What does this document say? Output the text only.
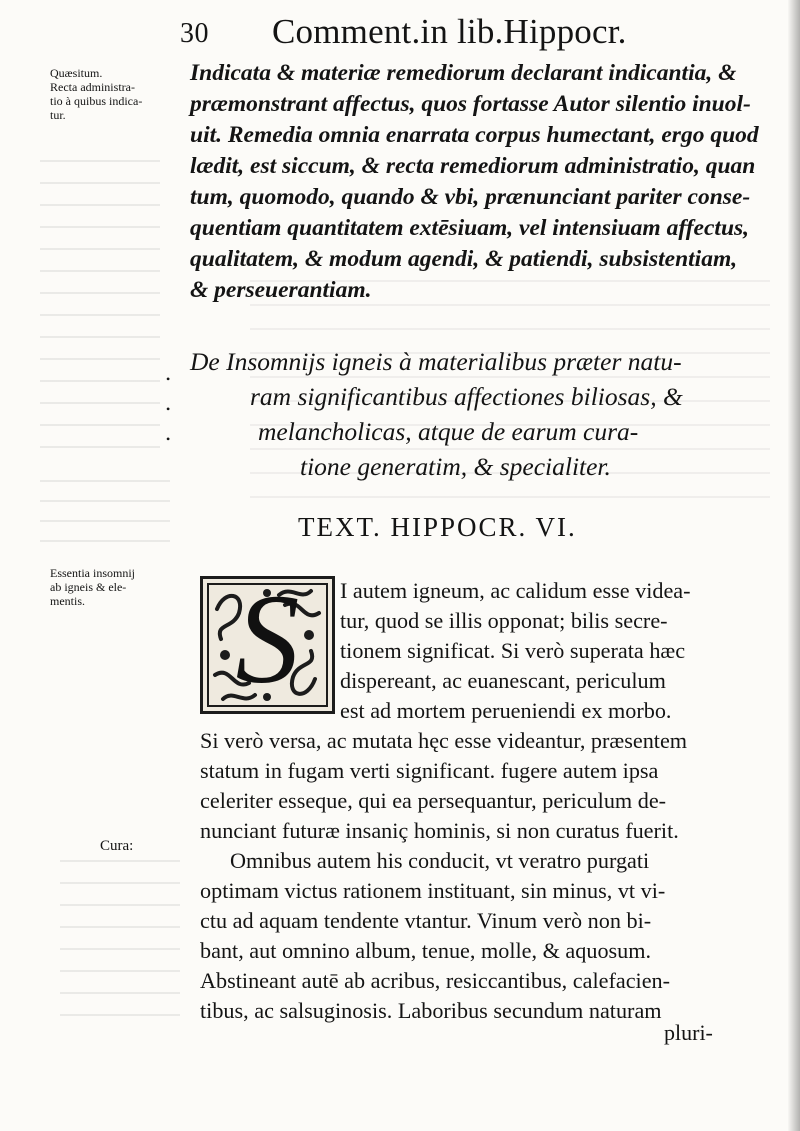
30 Comment.in lib.Hippocr.
Quæsitum.
Recta administra-
tio à quibus indica-
tur.
Essentia insomnij
ab igneis & ele-
mentis.
Cura:
•
•
•
Indicata & materiæ remediorum declarant indicantia, &
præmonstrant affectus, quos fortasse Autor silentio inuol-
uit. Remedia omnia enarrata corpus humectant, ergo quod
lædit, est siccum, & recta remediorum administratio, quan
tum, quomodo, quando & vbi, prænunciant pariter conse-
quentiam quantitatem extēsiuam, vel intensiuam affectus,
qualitatem, & modum agendi, & patiendi, subsistentiam,
& perseuerantiam.
De Insomnijs igneis à materialibus præter natu-
ram significantibus affectiones biliosas, &
melancholicas, atque de earum cura-
tione generatim, & specialiter.
TEXT. HIPPOCR. VI.
S	I autem igneum, ac calidum esse videa-
tur, quod se illis opponat; bilis secre-
tionem significat. Si verò superata hæc
dispereant, ac euanescant, periculum
est ad mortem perueniendi ex morbo.
Si verò versa, ac mutata hęc esse videantur, præsentem
statum in fugam verti significant. fugere autem ipsa
celeriter esseque, qui ea persequantur, periculum de-
nunciant futuræ insaniç hominis, si non curatus fuerit.
Omnibus autem his conducit, vt veratro purgati
optimam victus rationem instituant, sin minus, vt vi-
ctu ad aquam tendente vtantur. Vinum verò non bi-
bant, aut omnino album, tenue, molle, & aquosum.
Abstineant autē ab acribus, resiccantibus, calefacien-
tibus, ac salsuginosis. Laboribus secundum naturam
pluri-
